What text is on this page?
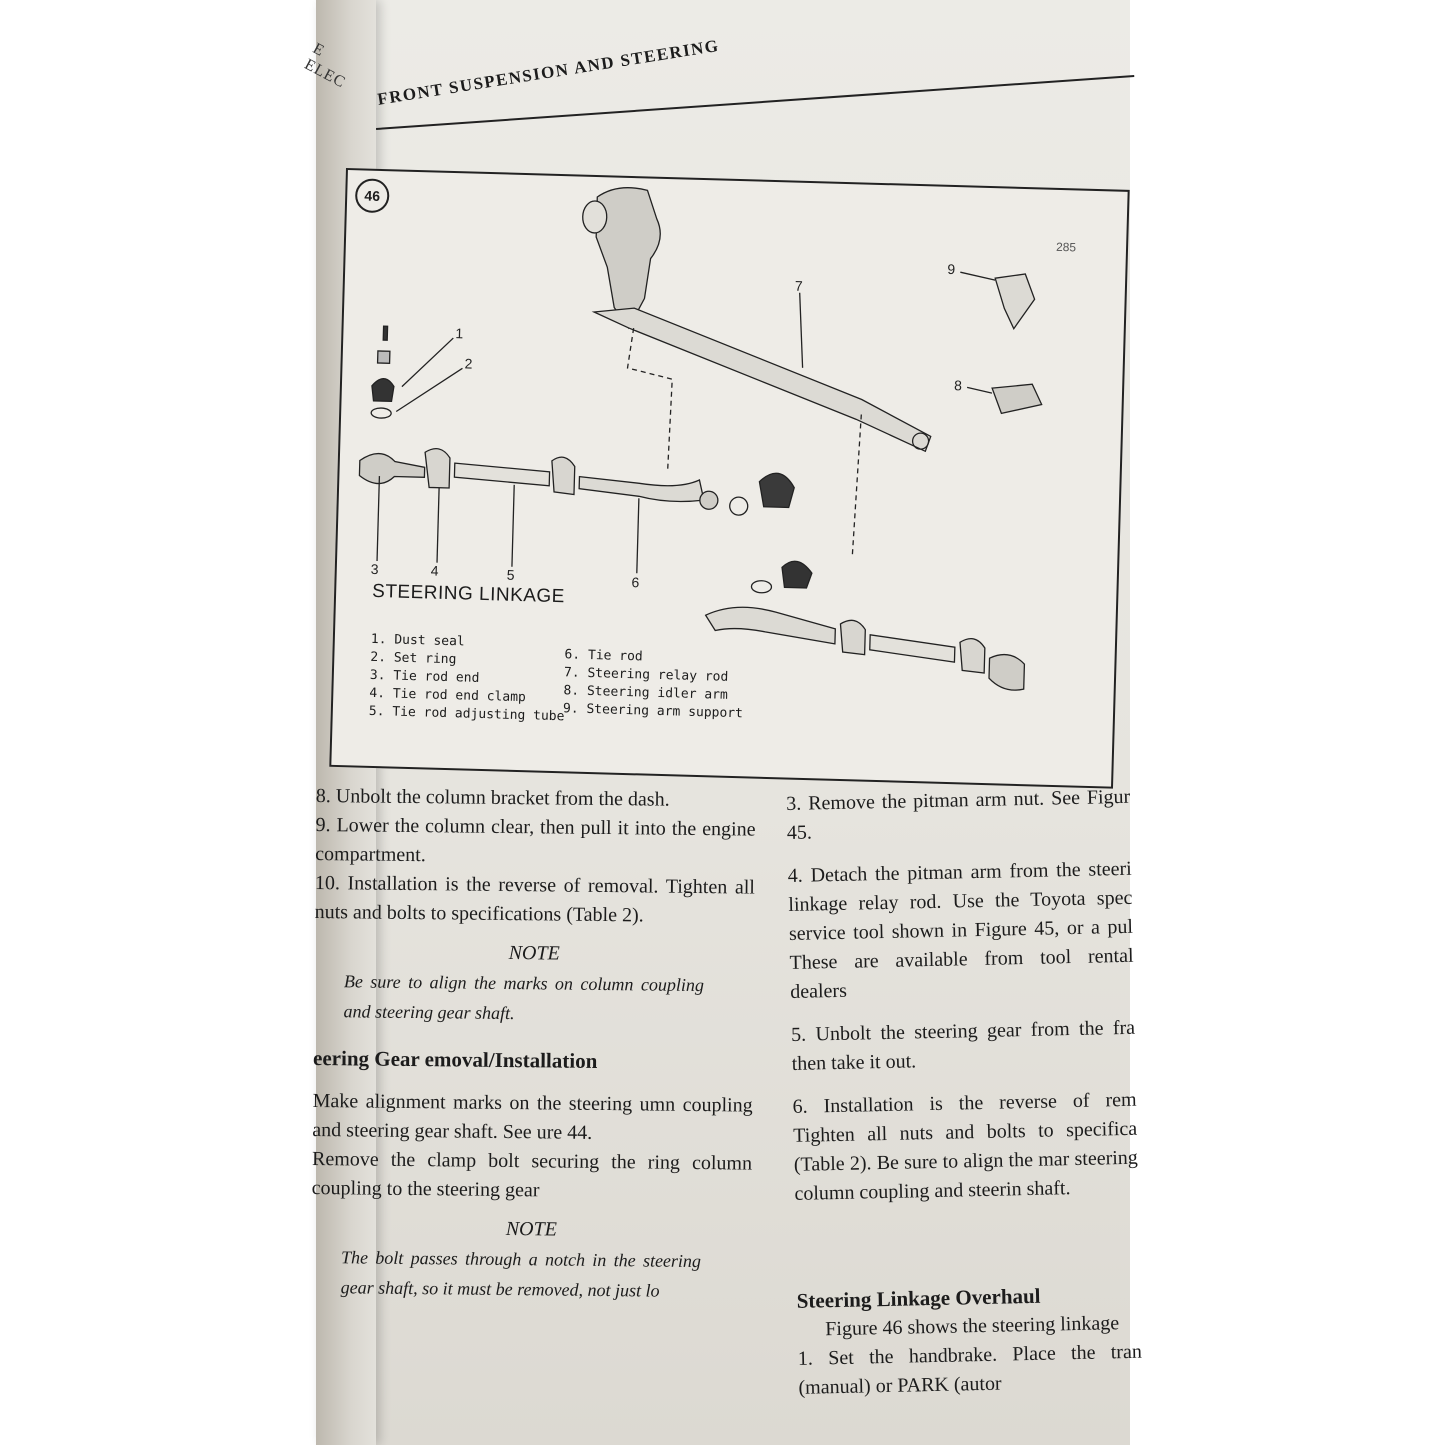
E ELEC	FRONT SUSPENSION AND STEERING
46
285
1
2
3	4	5	6
7
8
9
STEERING LINKAGE
1. Dust seal
2. Set ring
3. Tie rod end
4. Tie rod end clamp
5. Tie rod adjusting tube
6. Tie rod
7. Steering relay rod
8. Steering idler arm
9. Steering arm support

8. Unbolt the column bracket from the dash.

9. Lower the column clear, then pull it into the engine compartment.

10. Installation is the reverse of removal. Tighten all nuts and bolts to specifications (Table 2).

NOTE

Be sure to align the marks on column coupling and steering gear shaft.

eering Gear emoval/Installation

Make alignment marks on the steering umn coupling and steering gear shaft. See ure 44.

Remove the clamp bolt securing the ring column coupling to the steering gear

NOTE

The bolt passes through a notch in the steering gear shaft, so it must be removed, not just lo

3. Remove the pitman arm nut. See Figur 45.

4. Detach the pitman arm from the steeri linkage relay rod. Use the Toyota spec service tool shown in Figure 45, or a pul These are available from tool rental dealers

5. Unbolt the steering gear from the fra then take it out.

6. Installation is the reverse of rem Tighten all nuts and bolts to specifica (Table 2). Be sure to align the mar steering column coupling and steerin shaft.

Steering Linkage Overhaul

Figure 46 shows the steering linkage

1. Set the handbrake. Place the tran (manual) or PARK (autor
